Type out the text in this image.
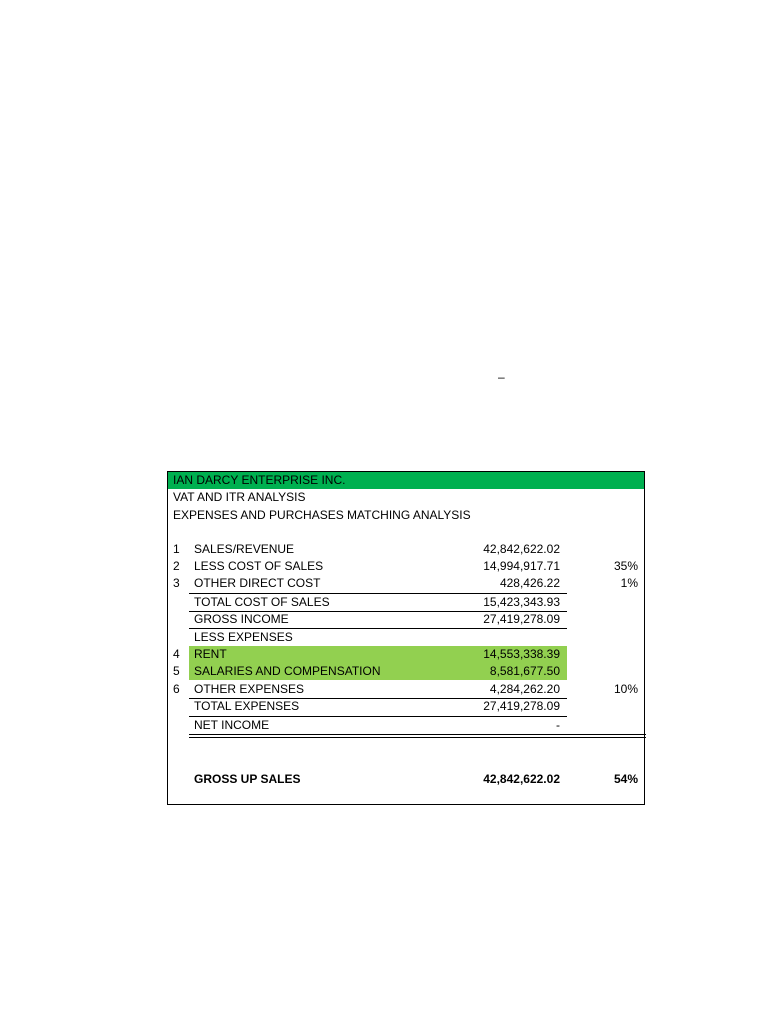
–
IAN DARCY ENTERPRISE INC.
VAT AND ITR ANALYSIS
EXPENSES AND PURCHASES MATCHING ANALYSIS
1 SALES/REVENUE	42,842,622.02
2 LESS COST OF SALES	14,994,917.71	35%
3 OTHER DIRECT COST	428,426.22	1%
TOTAL COST OF SALES	15,423,343.93
GROSS INCOME	27,419,278.09
LESS EXPENSES
4 RENT	14,553,338.39
5 SALARIES AND COMPENSATION	8,581,677.50
6 OTHER EXPENSES	4,284,262.20	10%
TOTAL EXPENSES	27,419,278.09
NET INCOME	-
GROSS UP SALES	42,842,622.02	54%
